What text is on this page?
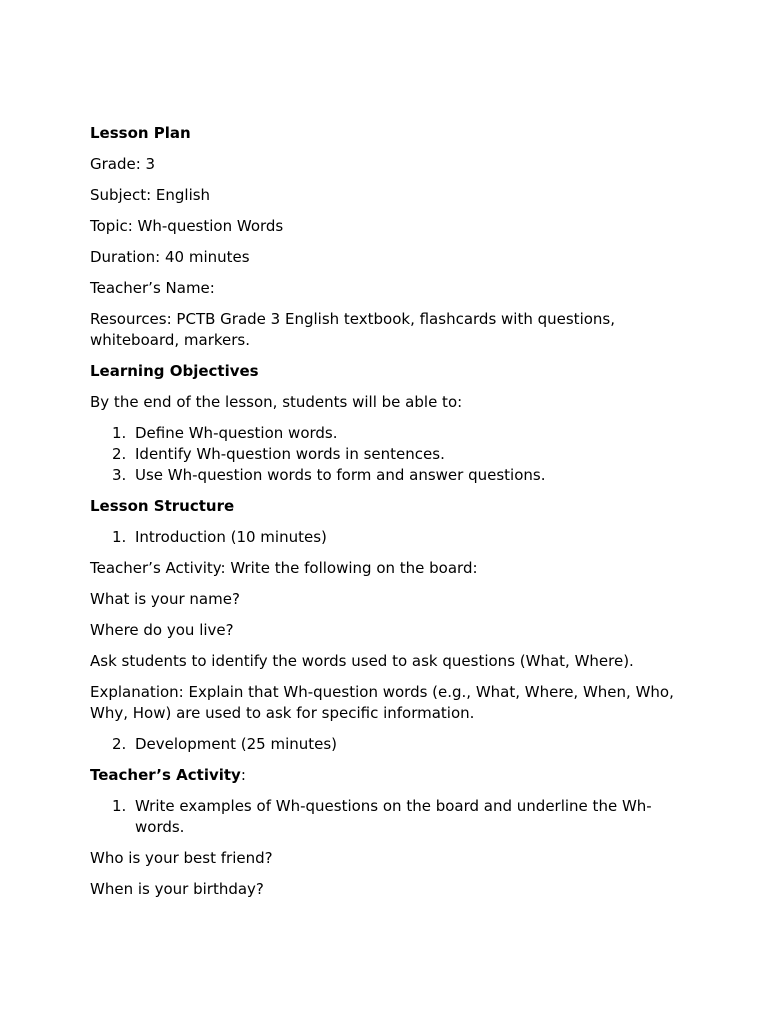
Lesson Plan

Grade: 3

Subject: English

Topic: Wh-question Words

Duration: 40 minutes

Teacher’s Name:

Resources: PCTB Grade 3 English textbook, flashcards with questions, whiteboard, markers.

Learning Objectives

By the end of the lesson, students will be able to:

1. Define Wh-question words.
2. Identify Wh-question words in sentences.
3. Use Wh-question words to form and answer questions.

Lesson Structure

1. Introduction (10 minutes)

Teacher’s Activity: Write the following on the board:

What is your name?

Where do you live?

Ask students to identify the words used to ask questions (What, Where).

Explanation: Explain that Wh-question words (e.g., What, Where, When, Who, Why, How) are used to ask for specific information.

2. Development (25 minutes)

Teacher’s Activity:

1. Write examples of Wh-questions on the board and underline the Wh-words.

Who is your best friend?

When is your birthday?
